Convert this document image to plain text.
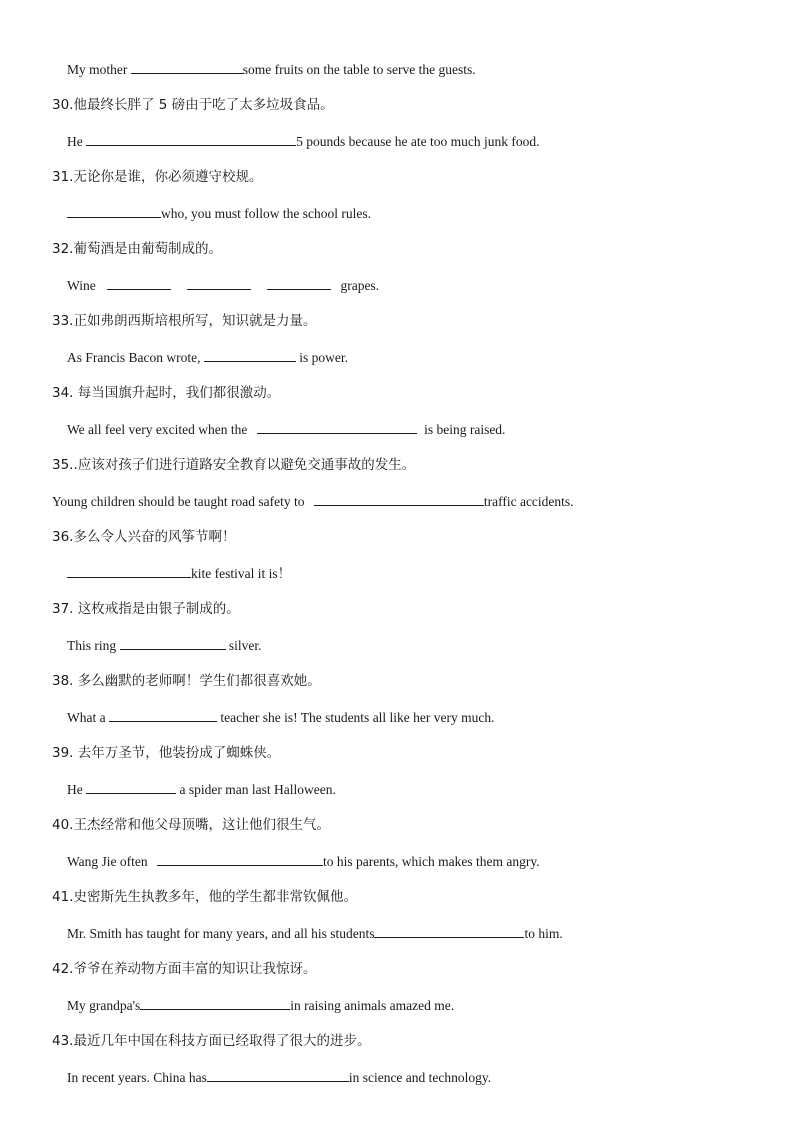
My mother	some fruits on the table to serve the guests.
30.他最终长胖了 5 磅由于吃了太多垃圾食品。
He	5 pounds because he ate too much junk food.
31.无论你是谁，你必须遵守校规。
who, you must follow the school rules.
32.葡萄酒是由葡萄制成的。
Wine	grapes.
33.正如弗朗西斯培根所写，知识就是力量。
As Francis Bacon wrote,	is power.
34. 每当国旗升起时，我们都很激动。
We all feel very excited when the	is being raised.
35..应该对孩子们进行道路安全教育以避免交通事故的发生。
Young children should be taught road safety to	traffic accidents.
36.多么令人兴奋的风筝节啊！
kite festival it is！
37. 这枚戒指是由银子制成的。
This ring	silver.
38. 多么幽默的老师啊！学生们都很喜欢她。
What a	teacher she is! The students all like her very much.
39. 去年万圣节，他装扮成了蜘蛛侠。
He	a spider man last Halloween.
40.王杰经常和他父母顶嘴，这让他们很生气。
Wang Jie often	to his parents, which makes them angry.
41.史密斯先生执教多年，他的学生都非常钦佩他。
Mr. Smith has taught for many years, and all his students	to him.
42.爷爷在养动物方面丰富的知识让我惊讶。
My grandpa's	in raising animals amazed me.
43.最近几年中国在科技方面已经取得了很大的进步。
In recent years. China has	in science and technology.
